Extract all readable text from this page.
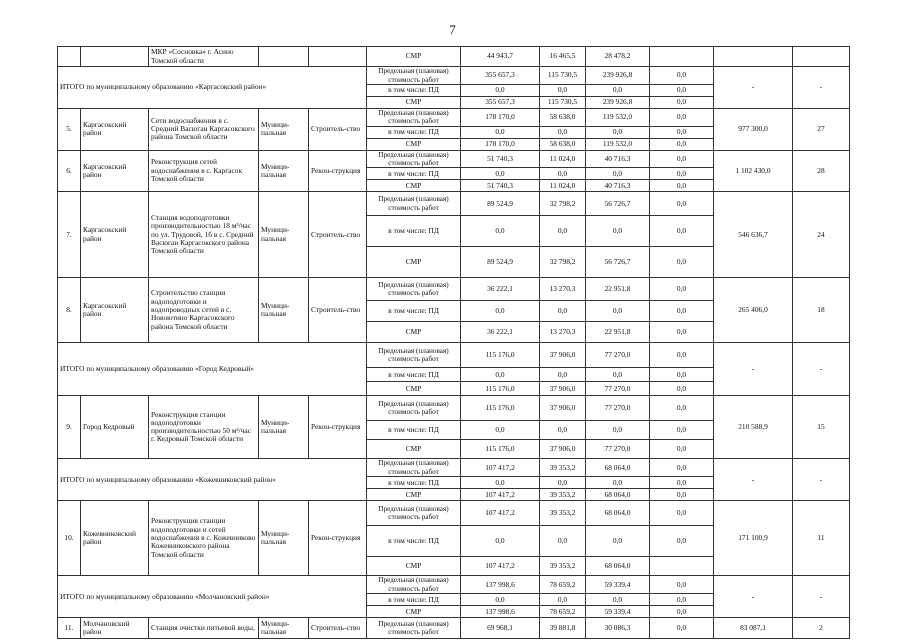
7
		МКР «Сосновка» г. Асино Томской области			СМР	44 943,7	16 465,5	28 478,2			
ИТОГО по муниципальному образованию «Каргасокский район»					Предельная (плановая) стоимость работ	355 657,3	115 730,5	239 926,8	0,0	-	-
					в том числе: ПД	0,0	0,0	0,0	0,0		
					СМР	355 657,3	115 730,5	239 926,8	0,0		
5.	Каргасокский район	Сети водоснабжения в с. Средний Васюган Каргасокского района Томской области	Муници-пальная	Строитель-ство	Предельная (плановая) стоимость работ	178 170,0	58 638,0	119 532,0	0,0	977 300,0	27
					в том числе: ПД	0,0	0,0	0,0	0,0		
					СМР	178 170,0	58 638,0	119 532,0	0,0		
6.	Каргасокский район	Реконструкция сетей водоснабжения в с. Каргасок Томской области	Муници-пальная	Рекон-струкция	Предельная (плановая) стоимость работ	51 740,3	11 024,0	40 716,3	0,0	1 102 430,0	28
					в том числе: ПД	0,0	0,0	0,0	0,0		
					СМР	51 740,3	11 024,0	40 716,3	0,0		
7.	Каргасокский район	Станция водоподготовки производительностью 18 м³/час по ул. Трудовой, 1б в с. Средний Васюган Каргасокского района Томской области	Муници-пальная	Строитель-ство	Предельная (плановая) стоимость работ	89 524,9	32 798,2	56 726,7	0,0	546 636,7	24
					в том числе: ПД	0,0	0,0	0,0	0,0		
					СМР	89 524,9	32 798,2	56 726,7	0,0		
8.	Каргасокский район	Строительство станции водоподготовки и водопроводных сетей в с. Новоютино Каргасокского района Томской области	Муници-пальная	Строитель-ство	Предельная (плановая) стоимость работ	36 222,1	13 270,3	22 951,8	0,0	265 406,0	18
					в том числе: ПД	0,0	0,0	0,0	0,0		
					СМР	36 222,1	13 270,3	22 951,8	0,0		
ИТОГО по муниципальному образованию «Город Кедровый»					Предельная (плановая) стоимость работ	115 176,0	37 906,0	77 270,0	0,0	-	-
					в том числе: ПД	0,0	0,0	0,0	0,0		
					СМР	115 176,0	37 906,0	77 270,0	0,0		
9.	Город Кедровый	Реконструкция станции водоподготовки производительностью 50 м³/час г. Кедровый Томской области	Муници-пальная	Рекон-струкция	Предельная (плановая) стоимость работ	115 176,0	37 906,0	77 270,0	0,0	210 588,9	15
					в том числе: ПД	0,0	0,0	0,0	0,0		
					СМР	115 176,0	37 906,0	77 270,0	0,0		
ИТОГО по муниципальному образованию «Кожевниковский район»					Предельная (плановая) стоимость работ	107 417,2	39 353,2	68 064,0	0,0	-	-
					в том числе: ПД	0,0	0,0	0,0	0,0		
					СМР	107 417,2	39 353,2	68 064,0	0,0		
10.	Кожевниковский район	Реконструкция станции водоподготовки и сетей водоснабжения в с. Кожевниково Кожевниковского района Томской области	Муници-пальная	Рекон-струкция	Предельная (плановая) стоимость работ	107 417,2	39 353,2	68 064,0	0,0	171 100,9	11
					в том числе: ПД	0,0	0,0	0,0	0,0		
					СМР	107 417,2	39 353,2	68 064,0			
ИТОГО по муниципальному образованию «Молчановский район»					Предельная (плановая) стоимость работ	137 998,6	78 659,2	59 339,4	0,0	-	-
					в том числе: ПД	0,0	0,0	0,0	0,0		
					СМР	137 998,6	78 659,2	59 339,4	0,0		
11.	Молчановский район	Станция очистки питьевой воды,	Муници-пальная	Строитель-ство	Предельная (плановая) стоимость работ	69 968,1	39 881,8	30 086,3	0,0	83 087,1	2
